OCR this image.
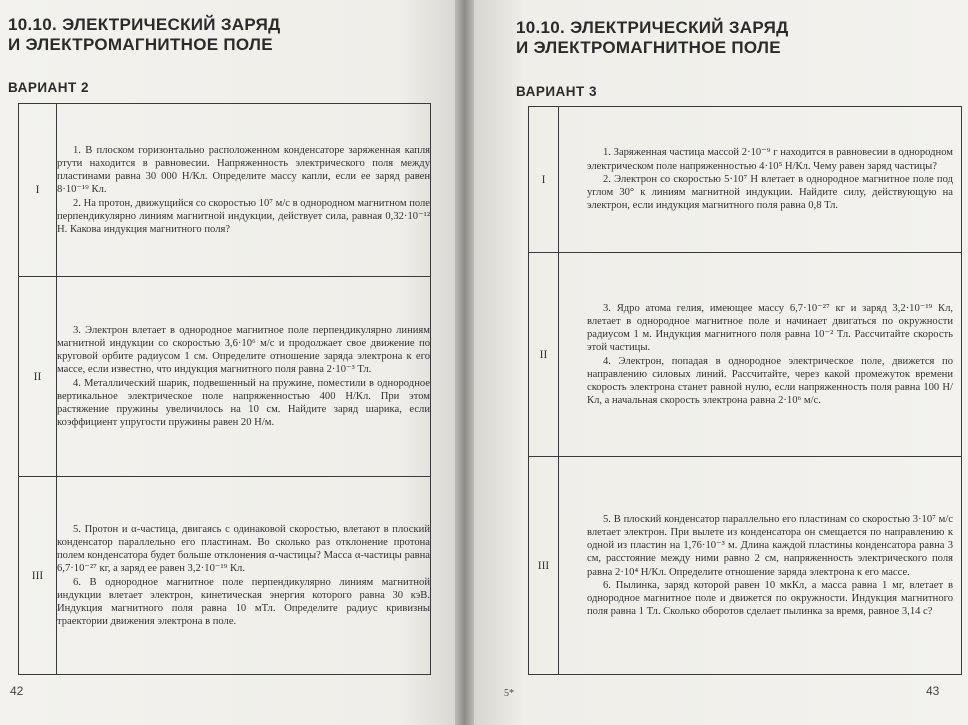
10.10. ЭЛЕКТРИЧЕСКИЙ ЗАРЯД
И ЭЛЕКТРОМАГНИТНОЕ ПОЛЕ
ВАРИАНТ 2
I	1. В плоском горизонтально расположенном конденсаторе заряженная капля ртути находится в равновесии. Напряженность электрического поля между пластинами равна 30 000 Н/Кл. Определите массу капли, если ее заряд равен 8·10⁻¹⁹ Кл.

2. На протон, движущийся со скоростью 10⁷ м/с в однородном магнитном поле перпендикулярно линиям магнитной индукции, действует сила, равная 0,32·10⁻¹² Н. Какова индукция магнитного поля?

II	3. Электрон влетает в однородное магнитное поле перпендикулярно линиям магнитной индукции со скоростью 3,6·10⁶ м/с и продолжает свое движение по круговой орбите радиусом 1 см. Определите отношение заряда электрона к его массе, если известно, что индукция магнитного поля равна 2·10⁻³ Тл.

4. Металлический шарик, подвешенный на пружине, поместили в однородное вертикальное электрическое поле напряженностью 400 Н/Кл. При этом растяжение пружины увеличилось на 10 см. Найдите заряд шарика, если коэффициент упругости пружины равен 20 Н/м.

III	5. Протон и α-частица, двигаясь с одинаковой скоростью, влетают в плоский конденсатор параллельно его пластинам. Во сколько раз отклонение протона полем конденсатора будет больше отклонения α-частицы? Масса α-частицы равна 6,7·10⁻²⁷ кг, а заряд ее равен 3,2·10⁻¹⁹ Кл.

6. В однородное магнитное поле перпендикулярно линиям магнитной индукции влетает электрон, кинетическая энергия которого равна 30 кэВ. Индукция магнитного поля равна 10 мТл. Определите радиус кривизны траектории движения электрона в поле.

42
10.10. ЭЛЕКТРИЧЕСКИЙ ЗАРЯД
И ЭЛЕКТРОМАГНИТНОЕ ПОЛЕ
ВАРИАНТ 3
I	1. Заряженная частица массой 2·10⁻⁹ г находится в равновесии в однородном электрическом поле напряженностью 4·10⁵ Н/Кл. Чему равен заряд частицы?

2. Электрон со скоростью 5·10⁷ Н влетает в однородное магнитное поле под углом 30° к линиям магнитной индукции. Найдите силу, действующую на электрон, если индукция магнитного поля равна 0,8 Тл.

II	3. Ядро атома гелия, имеющее массу 6,7·10⁻²⁷ кг и заряд 3,2·10⁻¹⁹ Кл, влетает в однородное магнитное поле и начинает двигаться по окружности радиусом 1 м. Индукция магнитного поля равна 10⁻² Тл. Рассчитайте скорость этой частицы.

4. Электрон, попадая в однородное электрическое поле, движется по направлению силовых линий. Рассчитайте, через какой промежуток времени скорость электрона станет равной нулю, если напряженность поля равна 100 Н/Кл, а начальная скорость электрона равна 2·10⁶ м/с.

III	5. В плоский конденсатор параллельно его пластинам со скоростью 3·10⁷ м/с влетает электрон. При вылете из конденсатора он смещается по направлению к одной из пластин на 1,76·10⁻³ м. Длина каждой пластины конденсатора равна 3 см, расстояние между ними равно 2 см, напряженность электрического поля равна 2·10⁴ Н/Кл. Определите отношение заряда электрона к его массе.

6. Пылинка, заряд которой равен 10 мкКл, а масса равна 1 мг, влетает в однородное магнитное поле и движется по окружности. Индукция магнитного поля равна 1 Тл. Сколько оборотов сделает пылинка за время, равное 3,14 с?

5*	43
